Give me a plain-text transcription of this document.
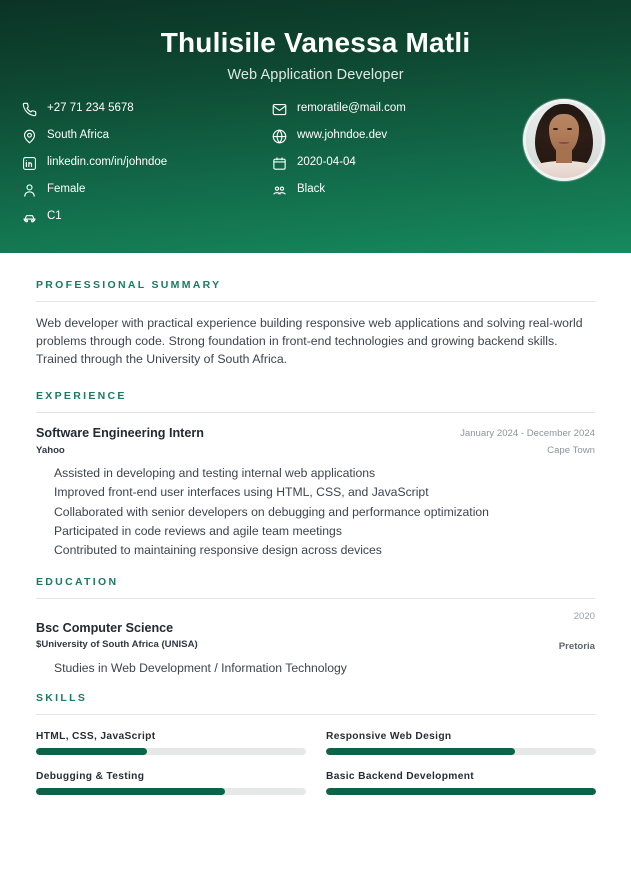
Thulisile Vanessa Matli
Web Application Developer
+27 71 234 5678	remoratile@mail.com
South Africa	www.johndoe.dev
linkedin.com/in/johndoe	2020-04-04
Female	Black
C1
PROFESSIONAL SUMMARY

Web developer with practical experience building responsive web applications and solving real-world problems through code. Strong foundation in front-end technologies and growing backend skills. Trained through the University of South Africa.

EXPERIENCE
Software Engineering Intern
Yahoo
January 2024 - December 2024
Cape Town
Assisted in developing and testing internal web applications
Improved front-end user interfaces using HTML, CSS, and JavaScript
Collaborated with senior developers on debugging and performance optimization
Participated in code reviews and agile team meetings
Contributed to maintaining responsive design across devices
EDUCATION
Bsc Computer Science
$University of South Africa (UNISA)
2020
Pretoria
Studies in Web Development / Information Technology
SKILLS
HTML, CSS, JavaScript	Responsive Web Design
Debugging & Testing	Basic Backend Development
